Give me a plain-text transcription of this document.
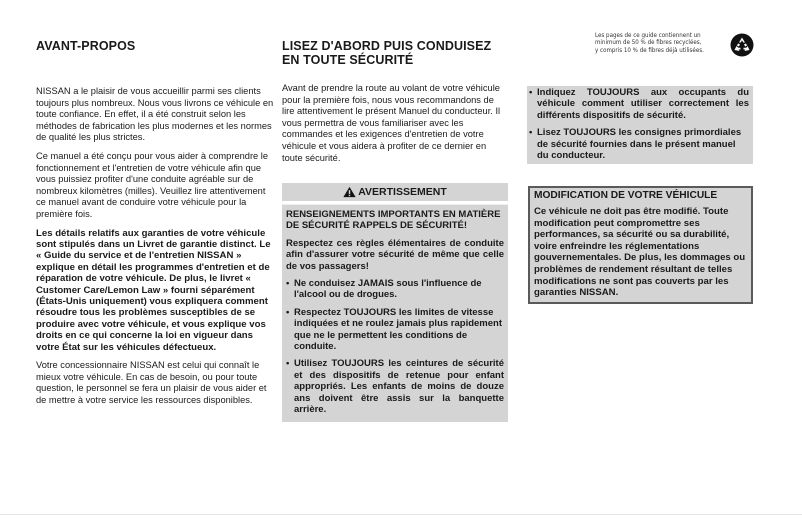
AVANT-PROPOS

NISSAN a le plaisir de vous accueillir parmi ses clients toujours plus nombreux. Nous vous livrons ce véhicule en toute confiance. En effet, il a été construit selon les méthodes de fabrication les plus modernes et les normes de qualité les plus strictes.

Ce manuel a été conçu pour vous aider à comprendre le fonctionnement et l'entretien de votre véhicule afin que vous puissiez profiter d'une conduite agréable sur de nombreux kilomètres (milles). Veuillez lire attentivement ce manuel avant de conduire votre véhicule pour la première fois.

Les détails relatifs aux garanties de votre véhicule sont stipulés dans un Livret de garantie distinct. Le « Guide du service et de l'entretien NISSAN » explique en détail les programmes d'entretien et de réparation de votre véhicule. De plus, le livret « Customer Care/Lemon Law » fourni séparément (États-Unis uniquement) vous expliquera comment résoudre tous les problèmes susceptibles de se produire avec votre véhicule, et vous explique vos droits en ce qui concerne la loi en vigueur dans votre État sur les véhicules défectueux.

Votre concessionnaire NISSAN est celui qui connaît le mieux votre véhicule. En cas de besoin, ou pour toute question, le personnel se fera un plaisir de vous aider et de mettre à votre service les ressources disponibles.

LISEZ D'ABORD PUIS CONDUISEZ
EN TOUTE SÉCURITÉ

Avant de prendre la route au volant de votre véhicule pour la première fois, nous vous recommandons de lire attentivement le présent Manuel du conducteur. Il vous permettra de vous familiariser avec les commandes et les exigences d'entretien de votre véhicule et vous aidera à profiter de ce dernier en toute sécurité.

AVERTISSEMENT

RENSEIGNEMENTS IMPORTANTS EN MATIÈRE DE SÉCURITÉ RAPPELS DE SÉCURITÉ!

Respectez ces règles élémentaires de conduite afin d'assurer votre sécurité de même que celle de vos passagers!

• Ne conduisez JAMAIS sous l'influence de l'alcool ou de drogues.
• Respectez TOUJOURS les limites de vitesse indiquées et ne roulez jamais plus rapidement que ne le permettent les conditions de conduite.
• Utilisez TOUJOURS les ceintures de sécurité et des dispositifs de retenue pour enfant appropriés. Les enfants de moins de douze ans doivent être assis sur la banquette arrière.
• Indiquez TOUJOURS aux occupants du véhicule comment utiliser correctement les différents dispositifs de sécurité.
• Lisez TOUJOURS les consignes primordiales de sécurité fournies dans le présent manuel du conducteur.
MODIFICATION DE VOTRE VÉHICULE

Ce véhicule ne doit pas être modifié. Toute modification peut compromettre ses performances, sa sécurité ou sa durabilité, voire enfreindre les réglementations gouvernementales. De plus, les dommages ou problèmes de rendement résultant de telles modifications ne sont pas couverts par les garanties NISSAN.

Les pages de ce guide contiennent un
minimum de 50 % de fibres recyclées,
y compris 10 % de fibres déjà utilisées.
